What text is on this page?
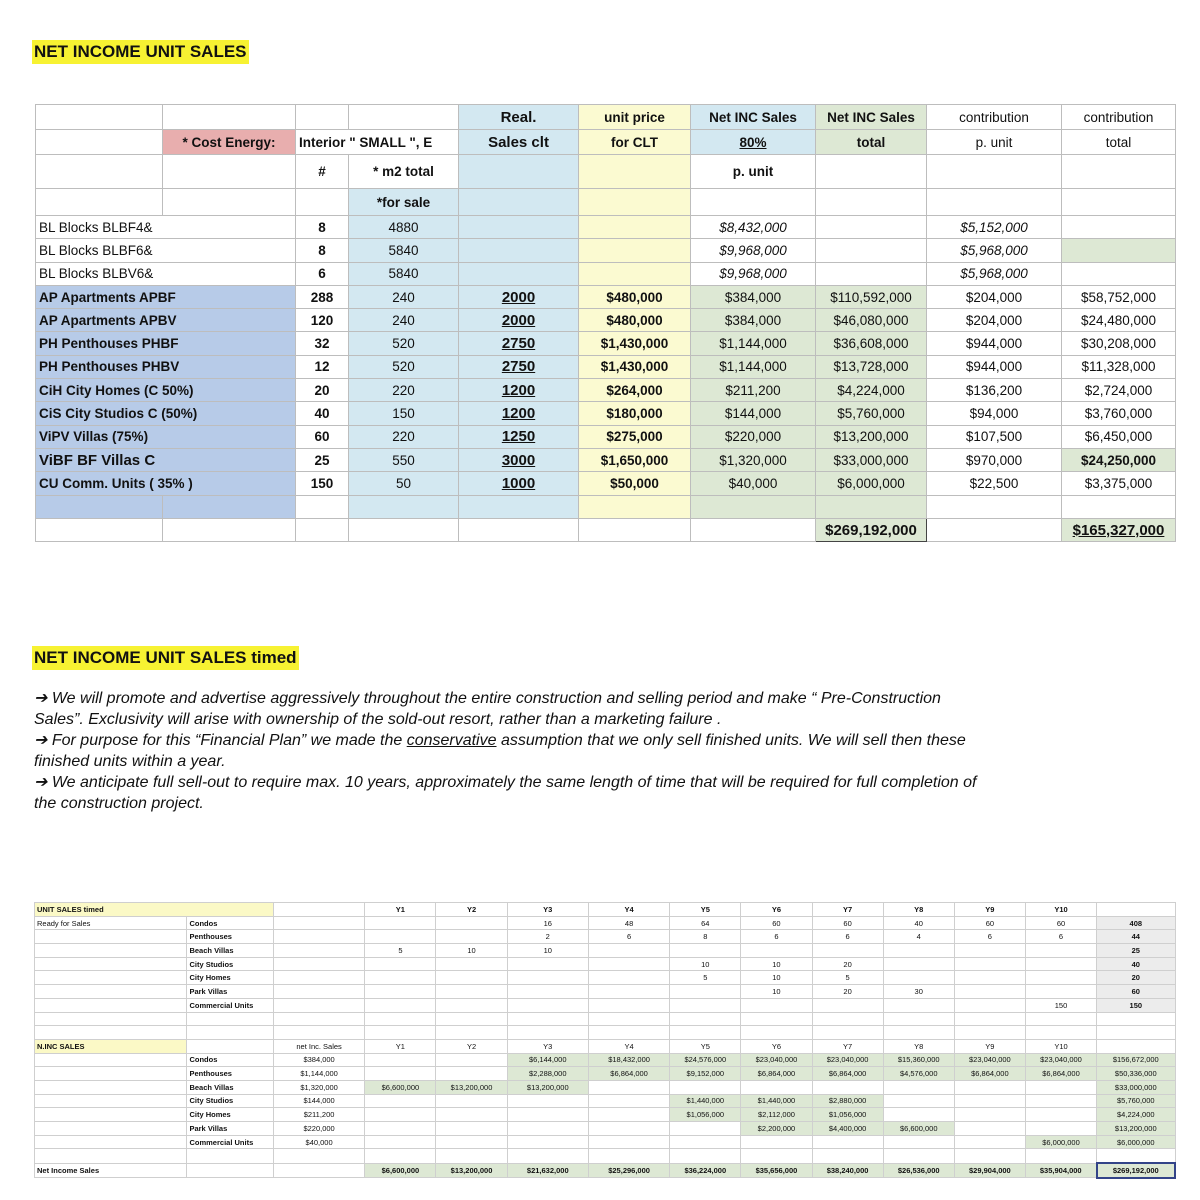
NET INCOME UNIT SALES
				Real.	unit price	Net INC Sales	Net INC Sales	contribution	contribution
	* Cost Energy:	Interior " SMALL ", E		Sales clt	for CLT	80%	total	p. unit	total
		#	* m2 total			p. unit			
			*for sale						
BL Blocks BLBF4&		8	4880			$8,432,000		$5,152,000	
BL Blocks BLBF6&		8	5840			$9,968,000		$5,968,000	
BL Blocks BLBV6&		6	5840			$9,968,000		$5,968,000	
AP Apartments APBF		288	240	2000	$480,000	$384,000	$110,592,000	$204,000	$58,752,000
AP Apartments APBV		120	240	2000	$480,000	$384,000	$46,080,000	$204,000	$24,480,000
PH Penthouses PHBF		32	520	2750	$1,430,000	$1,144,000	$36,608,000	$944,000	$30,208,000
PH Penthouses PHBV		12	520	2750	$1,430,000	$1,144,000	$13,728,000	$944,000	$11,328,000
CiH City Homes (C 50%)		20	220	1200	$264,000	$211,200	$4,224,000	$136,200	$2,724,000
CiS City Studios C (50%)		40	150	1200	$180,000	$144,000	$5,760,000	$94,000	$3,760,000
ViPV Villas (75%)		60	220	1250	$275,000	$220,000	$13,200,000	$107,500	$6,450,000
ViBF BF Villas C		25	550	3000	$1,650,000	$1,320,000	$33,000,000	$970,000	$24,250,000
CU Comm. Units ( 35% )		150	50	1000	$50,000	$40,000	$6,000,000	$22,500	$3,375,000

							$269,192,000		$165,327,000
NET INCOME UNIT SALES timed
➔ We will promote and advertise aggressively throughout the entire construction and selling period and make “ Pre-Construction Sales”. Exclusivity will arise with ownership of the sold-out resort, rather than a marketing failure .
➔ For purpose for this “Financial Plan” we made the conservative assumption that we only sell finished units. We will sell then these finished units within a year.
➔ We anticipate full sell-out to require max. 10 years, approximately the same length of time that will be required for full completion of the construction project.
UNIT SALES timed			Y1	Y2	Y3	Y4	Y5	Y6	Y7	Y8	Y9	Y10	
Ready for Sales	Condos				16	48	64	60	60	40	60	60	408
	Penthouses				2	6	8	6	6	4	6	6	44
	Beach Villas		5	10	10								25
	City Studios						10	10	20				40
	City Homes						5	10	5				20
	Park Villas							10	20	30			60
	Commercial Units											150	150

N.INC SALES		net Inc. Sales	Y1	Y2	Y3	Y4	Y5	Y6	Y7	Y8	Y9	Y10	
	Condos	$384,000			$6,144,000	$18,432,000	$24,576,000	$23,040,000	$23,040,000	$15,360,000	$23,040,000	$23,040,000	$156,672,000
	Penthouses	$1,144,000			$2,288,000	$6,864,000	$9,152,000	$6,864,000	$6,864,000	$4,576,000	$6,864,000	$6,864,000	$50,336,000
	Beach Villas	$1,320,000	$6,600,000	$13,200,000	$13,200,000								$33,000,000
	City Studios	$144,000					$1,440,000	$1,440,000	$2,880,000				$5,760,000
	City Homes	$211,200					$1,056,000	$2,112,000	$1,056,000				$4,224,000
	Park Villas	$220,000						$2,200,000	$4,400,000	$6,600,000			$13,200,000
	Commercial Units	$40,000										$6,000,000	$6,000,000

Net Income Sales			$6,600,000	$13,200,000	$21,632,000	$25,296,000	$36,224,000	$35,656,000	$38,240,000	$26,536,000	$29,904,000	$35,904,000	$269,192,000
